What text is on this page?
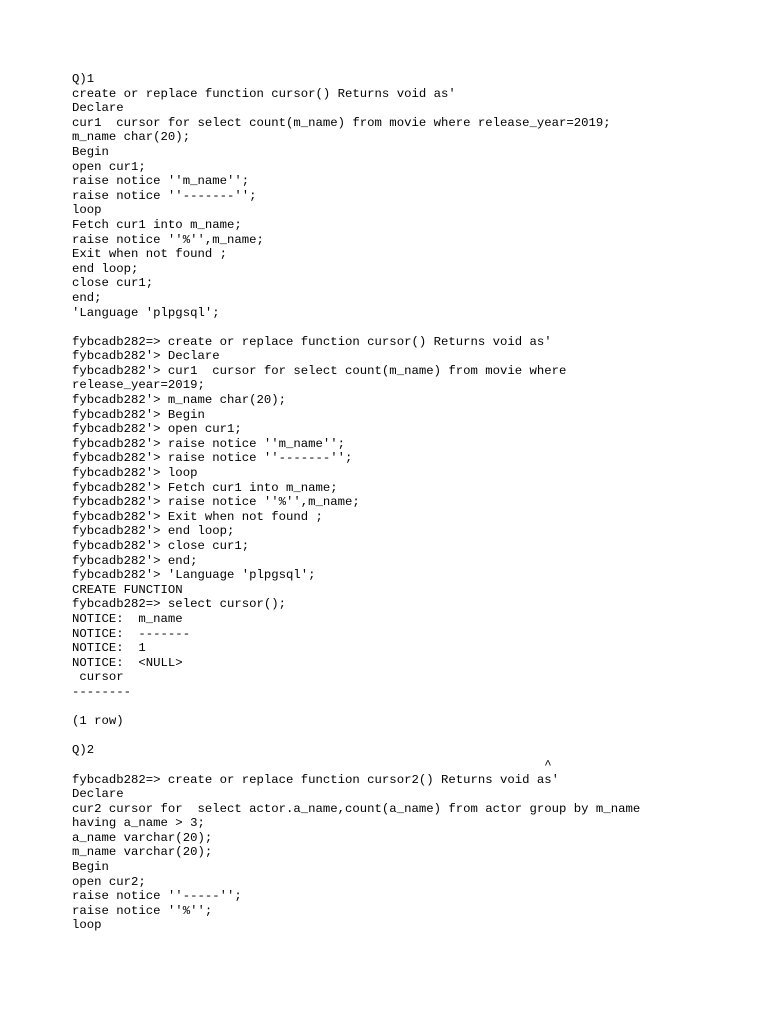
Q)1
create or replace function cursor() Returns void as'
Declare
cur1  cursor for select count(m_name) from movie where release_year=2019;
m_name char(20);
Begin
open cur1;
raise notice ''m_name'';
raise notice ''-------'';
loop
Fetch cur1 into m_name;
raise notice ''%'',m_name;
Exit when not found ;
end loop;
close cur1;
end;
'Language 'plpgsql';
fybcadb282=> create or replace function cursor() Returns void as'
fybcadb282'> Declare
fybcadb282'> cur1  cursor for select count(m_name) from movie where
release_year=2019;
fybcadb282'> m_name char(20);
fybcadb282'> Begin
fybcadb282'> open cur1;
fybcadb282'> raise notice ''m_name'';
fybcadb282'> raise notice ''-------'';
fybcadb282'> loop
fybcadb282'> Fetch cur1 into m_name;
fybcadb282'> raise notice ''%'',m_name;
fybcadb282'> Exit when not found ;
fybcadb282'> end loop;
fybcadb282'> close cur1;
fybcadb282'> end;
fybcadb282'> 'Language 'plpgsql';
CREATE FUNCTION
fybcadb282=> select cursor();
NOTICE:  m_name
NOTICE:  -------
NOTICE:  1
NOTICE:  <NULL>
cursor
--------
(1 row)
Q)2
^
fybcadb282=> create or replace function cursor2() Returns void as'
Declare
cur2 cursor for  select actor.a_name,count(a_name) from actor group by m_name
having a_name > 3;
a_name varchar(20);
m_name varchar(20);
Begin
open cur2;
raise notice ''-----'';
raise notice ''%'';
loop
